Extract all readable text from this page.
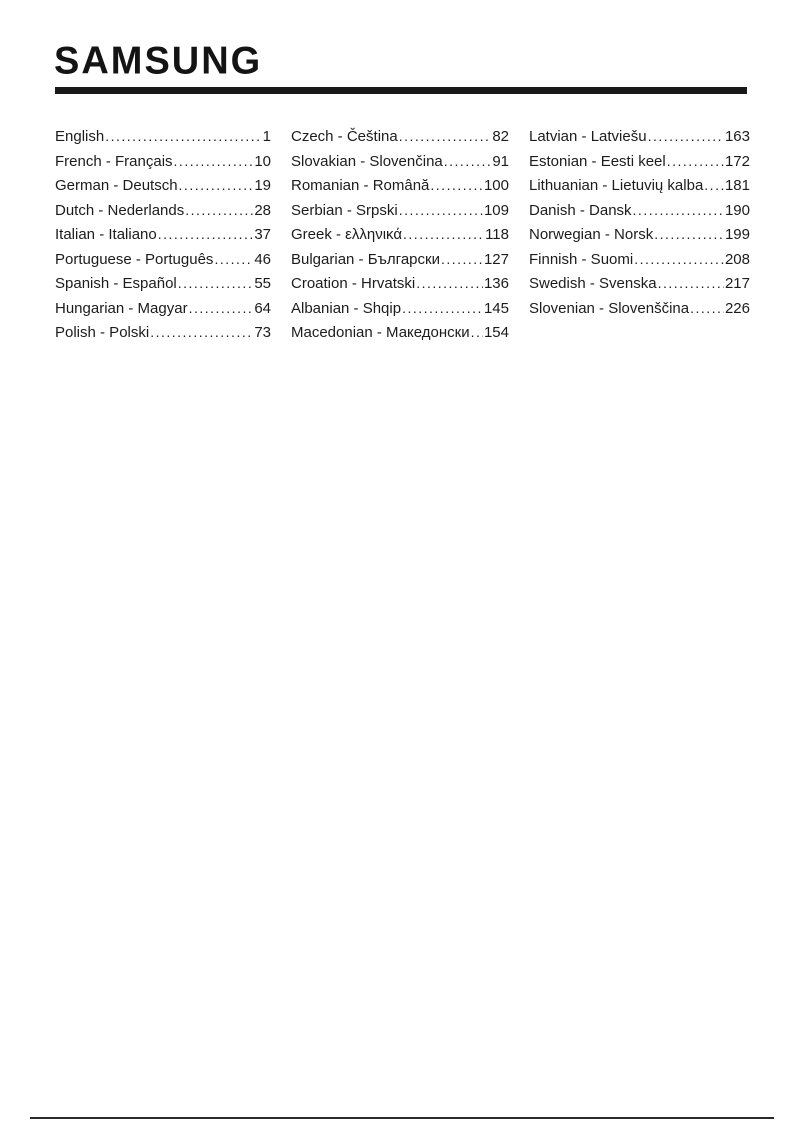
SAMSUNG
English .....	1
French - Français .....	10
German - Deutsch .....	19
Dutch - Nederlands .....	28
Italian - Italiano .....	37
Portuguese - Português .....	46
Spanish - Español .....	55
Hungarian - Magyar .....	64
Polish - Polski .....	73
Czech - Čeština .....	82
Slovakian - Slovenčina .....	91
Romanian - Română .....	100
Serbian - Srpski .....	109
Greek - ελληνικά .....	118
Bulgarian - Български .....	127
Croation - Hrvatski .....	136
Albanian - Shqip .....	145
Macedonian - Македонски ..... 154
Latvian - Latviešu .....	163
Estonian - Eesti keel .....	172
Lithuanian - Lietuvių kalba ..... 181
Danish - Dansk .....	190
Norwegian - Norsk .....	199
Finnish - Suomi .....	208
Swedish - Svenska .....	217
Slovenian - Slovenščina ..... 226
